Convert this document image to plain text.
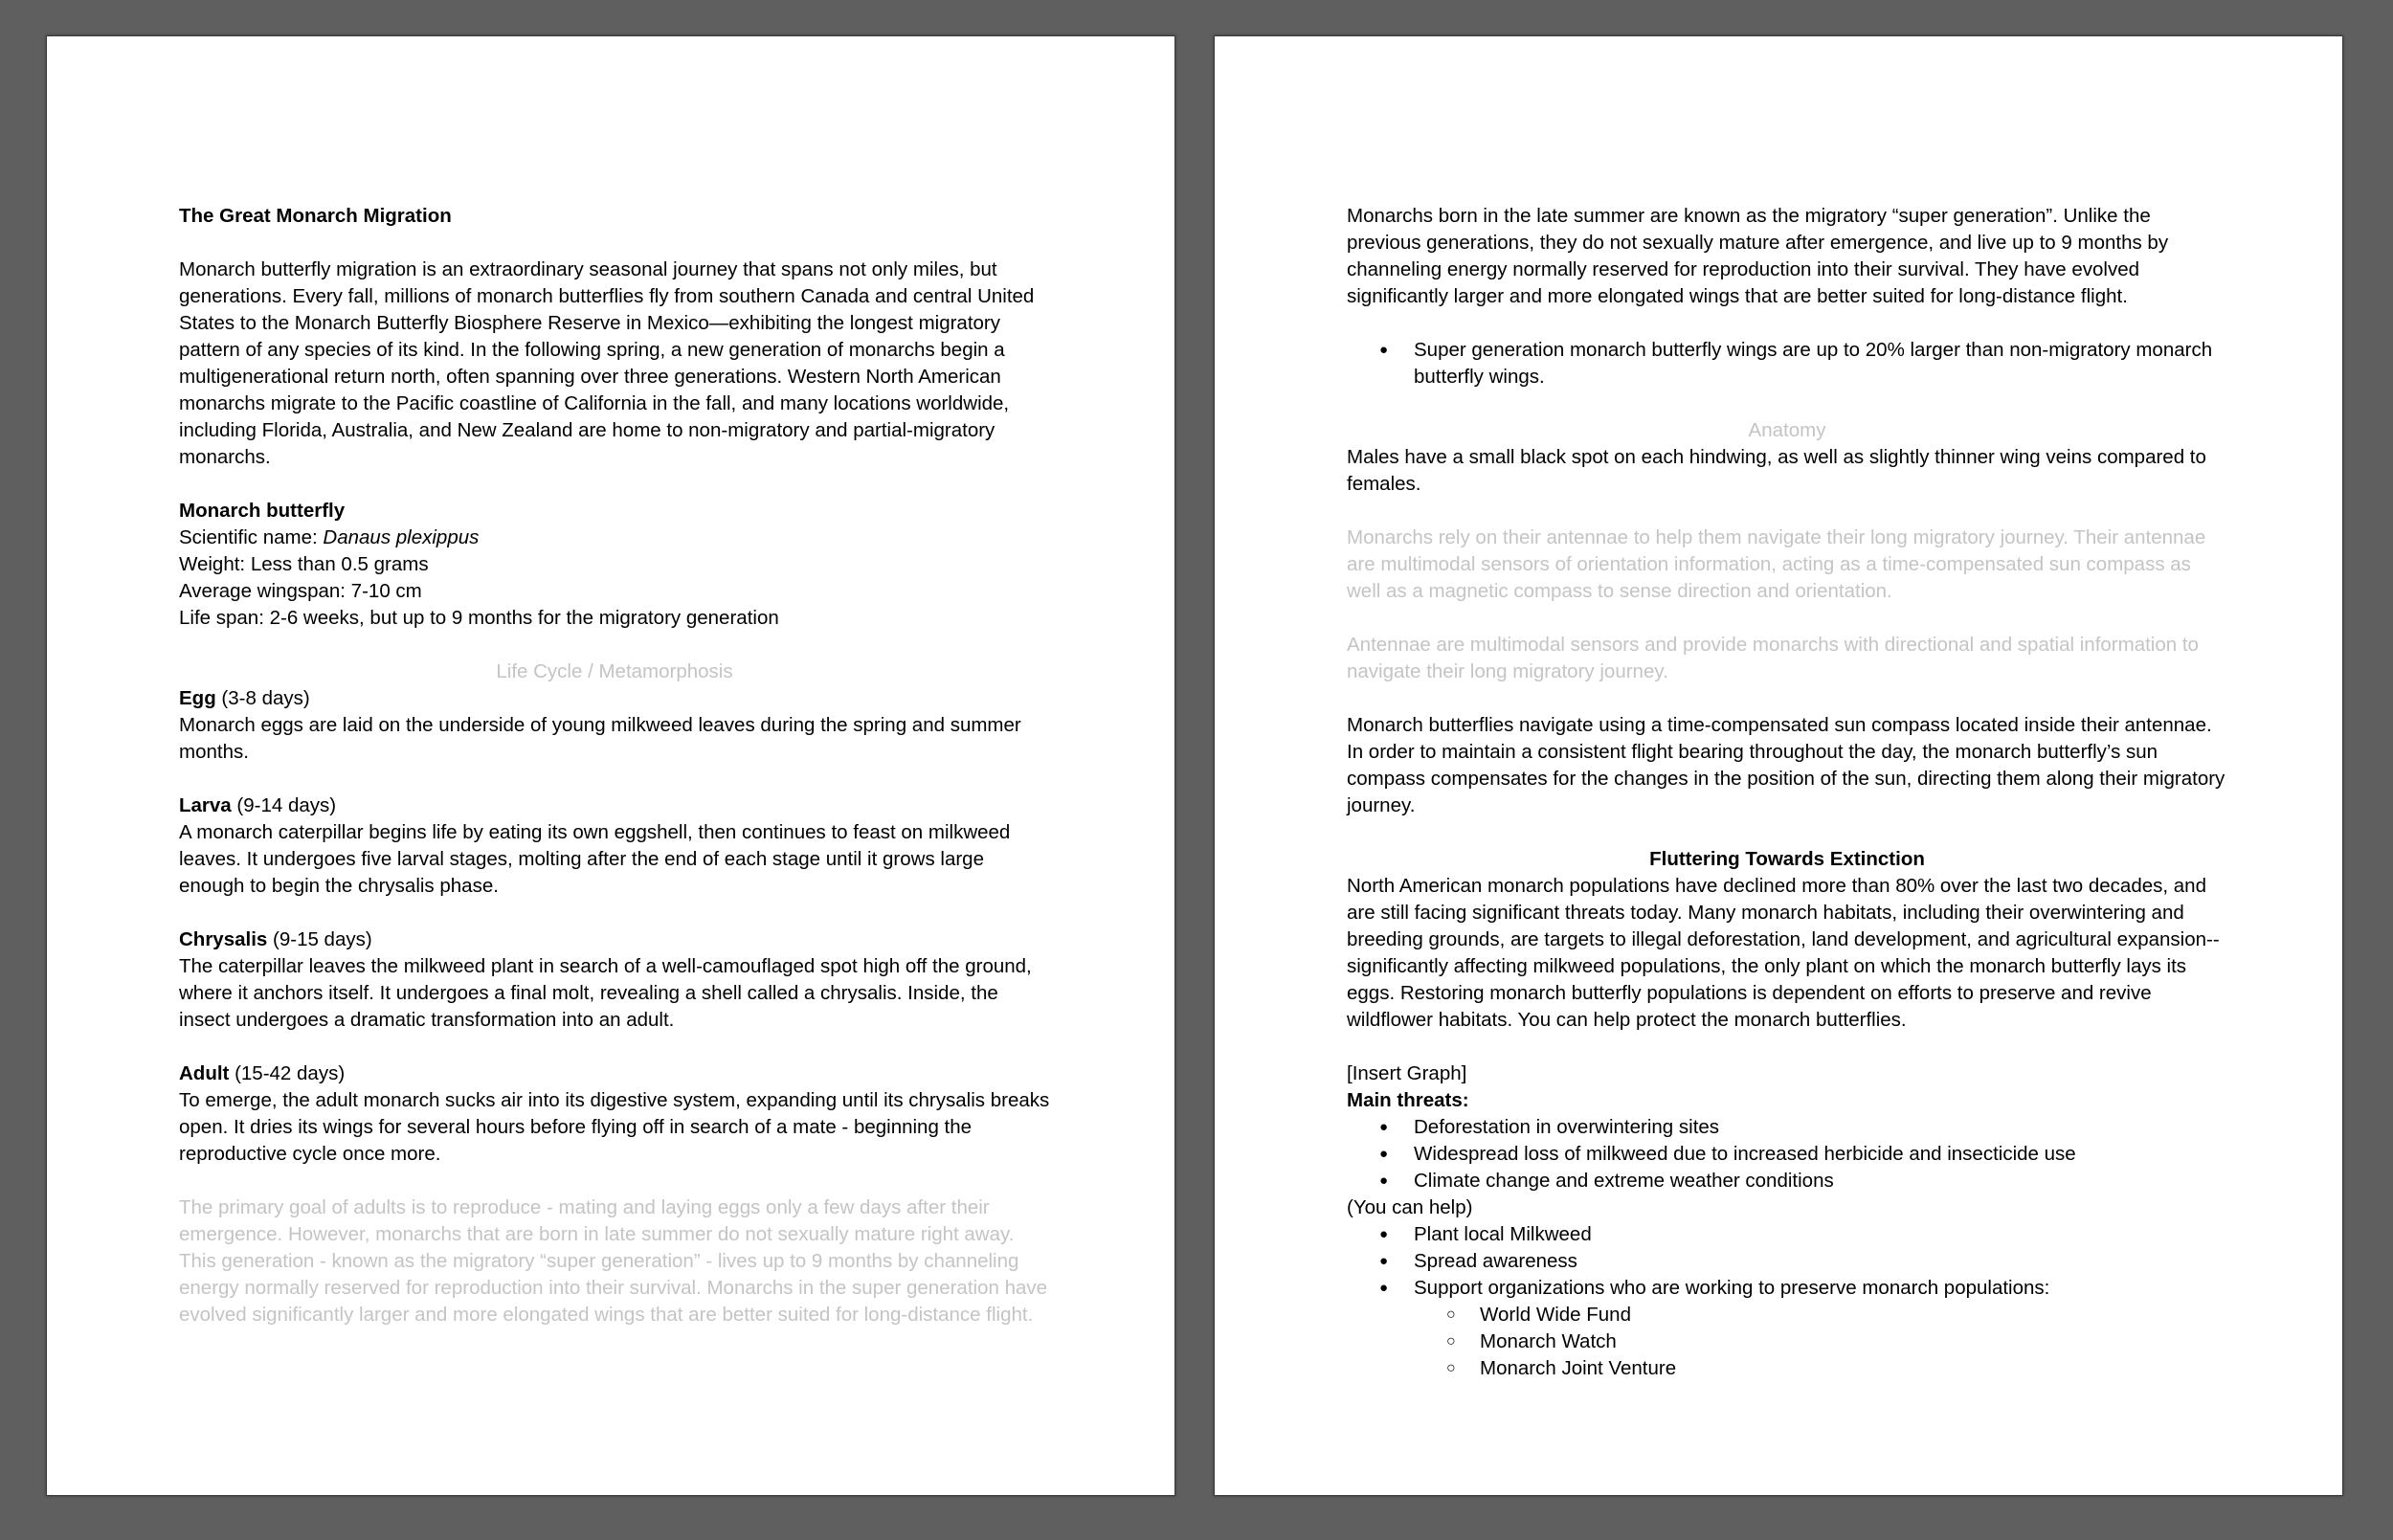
The Great Monarch Migration

Monarch butterfly migration is an extraordinary seasonal journey that spans not only miles, but generations. Every fall, millions of monarch butterflies fly from southern Canada and central United States to the Monarch Butterfly Biosphere Reserve in Mexico—exhibiting the longest migratory pattern of any species of its kind. In the following spring, a new generation of monarchs begin a multigenerational return north, often spanning over three generations. Western North American monarchs migrate to the Pacific coastline of California in the fall, and many locations worldwide, including Florida, Australia, and New Zealand are home to non-migratory and partial-migratory monarchs.

Monarch butterfly

Scientific name: Danaus plexippus

Weight: Less than 0.5 grams

Average wingspan: 7-10 cm

Life span: 2-6 weeks, but up to 9 months for the migratory generation

Life Cycle / Metamorphosis

Egg (3-8 days)

Monarch eggs are laid on the underside of young milkweed leaves during the spring and summer months.

Larva (9-14 days)

A monarch caterpillar begins life by eating its own eggshell, then continues to feast on milkweed leaves. It undergoes five larval stages, molting after the end of each stage until it grows large enough to begin the chrysalis phase.

Chrysalis (9-15 days)

The caterpillar leaves the milkweed plant in search of a well-camouflaged spot high off the ground, where it anchors itself. It undergoes a final molt, revealing a shell called a chrysalis. Inside, the insect undergoes a dramatic transformation into an adult.

Adult (15-42 days)

To emerge, the adult monarch sucks air into its digestive system, expanding until its chrysalis breaks open. It dries its wings for several hours before flying off in search of a mate - beginning the reproductive cycle once more.

The primary goal of adults is to reproduce - mating and laying eggs only a few days after their emergence. However, monarchs that are born in late summer do not sexually mature right away. This generation - known as the migratory “super generation” - lives up to 9 months by channeling energy normally reserved for reproduction into their survival. Monarchs in the super generation have evolved significantly larger and more elongated wings that are better suited for long-distance flight.

Monarchs born in the late summer are known as the migratory “super generation”. Unlike the previous generations, they do not sexually mature after emergence, and live up to 9 months by channeling energy normally reserved for reproduction into their survival. They have evolved significantly larger and more elongated wings that are better suited for long-distance flight.

● Super generation monarch butterfly wings are up to 20% larger than non-migratory monarch butterfly wings.

Anatomy

Males have a small black spot on each hindwing, as well as slightly thinner wing veins compared to females.

Monarchs rely on their antennae to help them navigate their long migratory journey. Their antennae are multimodal sensors of orientation information, acting as a time-compensated sun compass as well as a magnetic compass to sense direction and orientation.

Antennae are multimodal sensors and provide monarchs with directional and spatial information to navigate their long migratory journey.

Monarch butterflies navigate using a time-compensated sun compass located inside their antennae. In order to maintain a consistent flight bearing throughout the day, the monarch butterfly’s sun compass compensates for the changes in the position of the sun, directing them along their migratory journey.

Fluttering Towards Extinction

North American monarch populations have declined more than 80% over the last two decades, and are still facing significant threats today. Many monarch habitats, including their overwintering and breeding grounds, are targets to illegal deforestation, land development, and agricultural expansion--significantly affecting milkweed populations, the only plant on which the monarch butterfly lays its eggs. Restoring monarch butterfly populations is dependent on efforts to preserve and revive wildflower habitats. You can help protect the monarch butterflies.

[Insert Graph]

Main threats:

● Deforestation in overwintering sites
● Widespread loss of milkweed due to increased herbicide and insecticide use
● Climate change and extreme weather conditions

(You can help)

● Plant local Milkweed
● Spread awareness
● Support organizations who are working to preserve monarch populations:
○ World Wide Fund
○ Monarch Watch
○ Monarch Joint Venture
